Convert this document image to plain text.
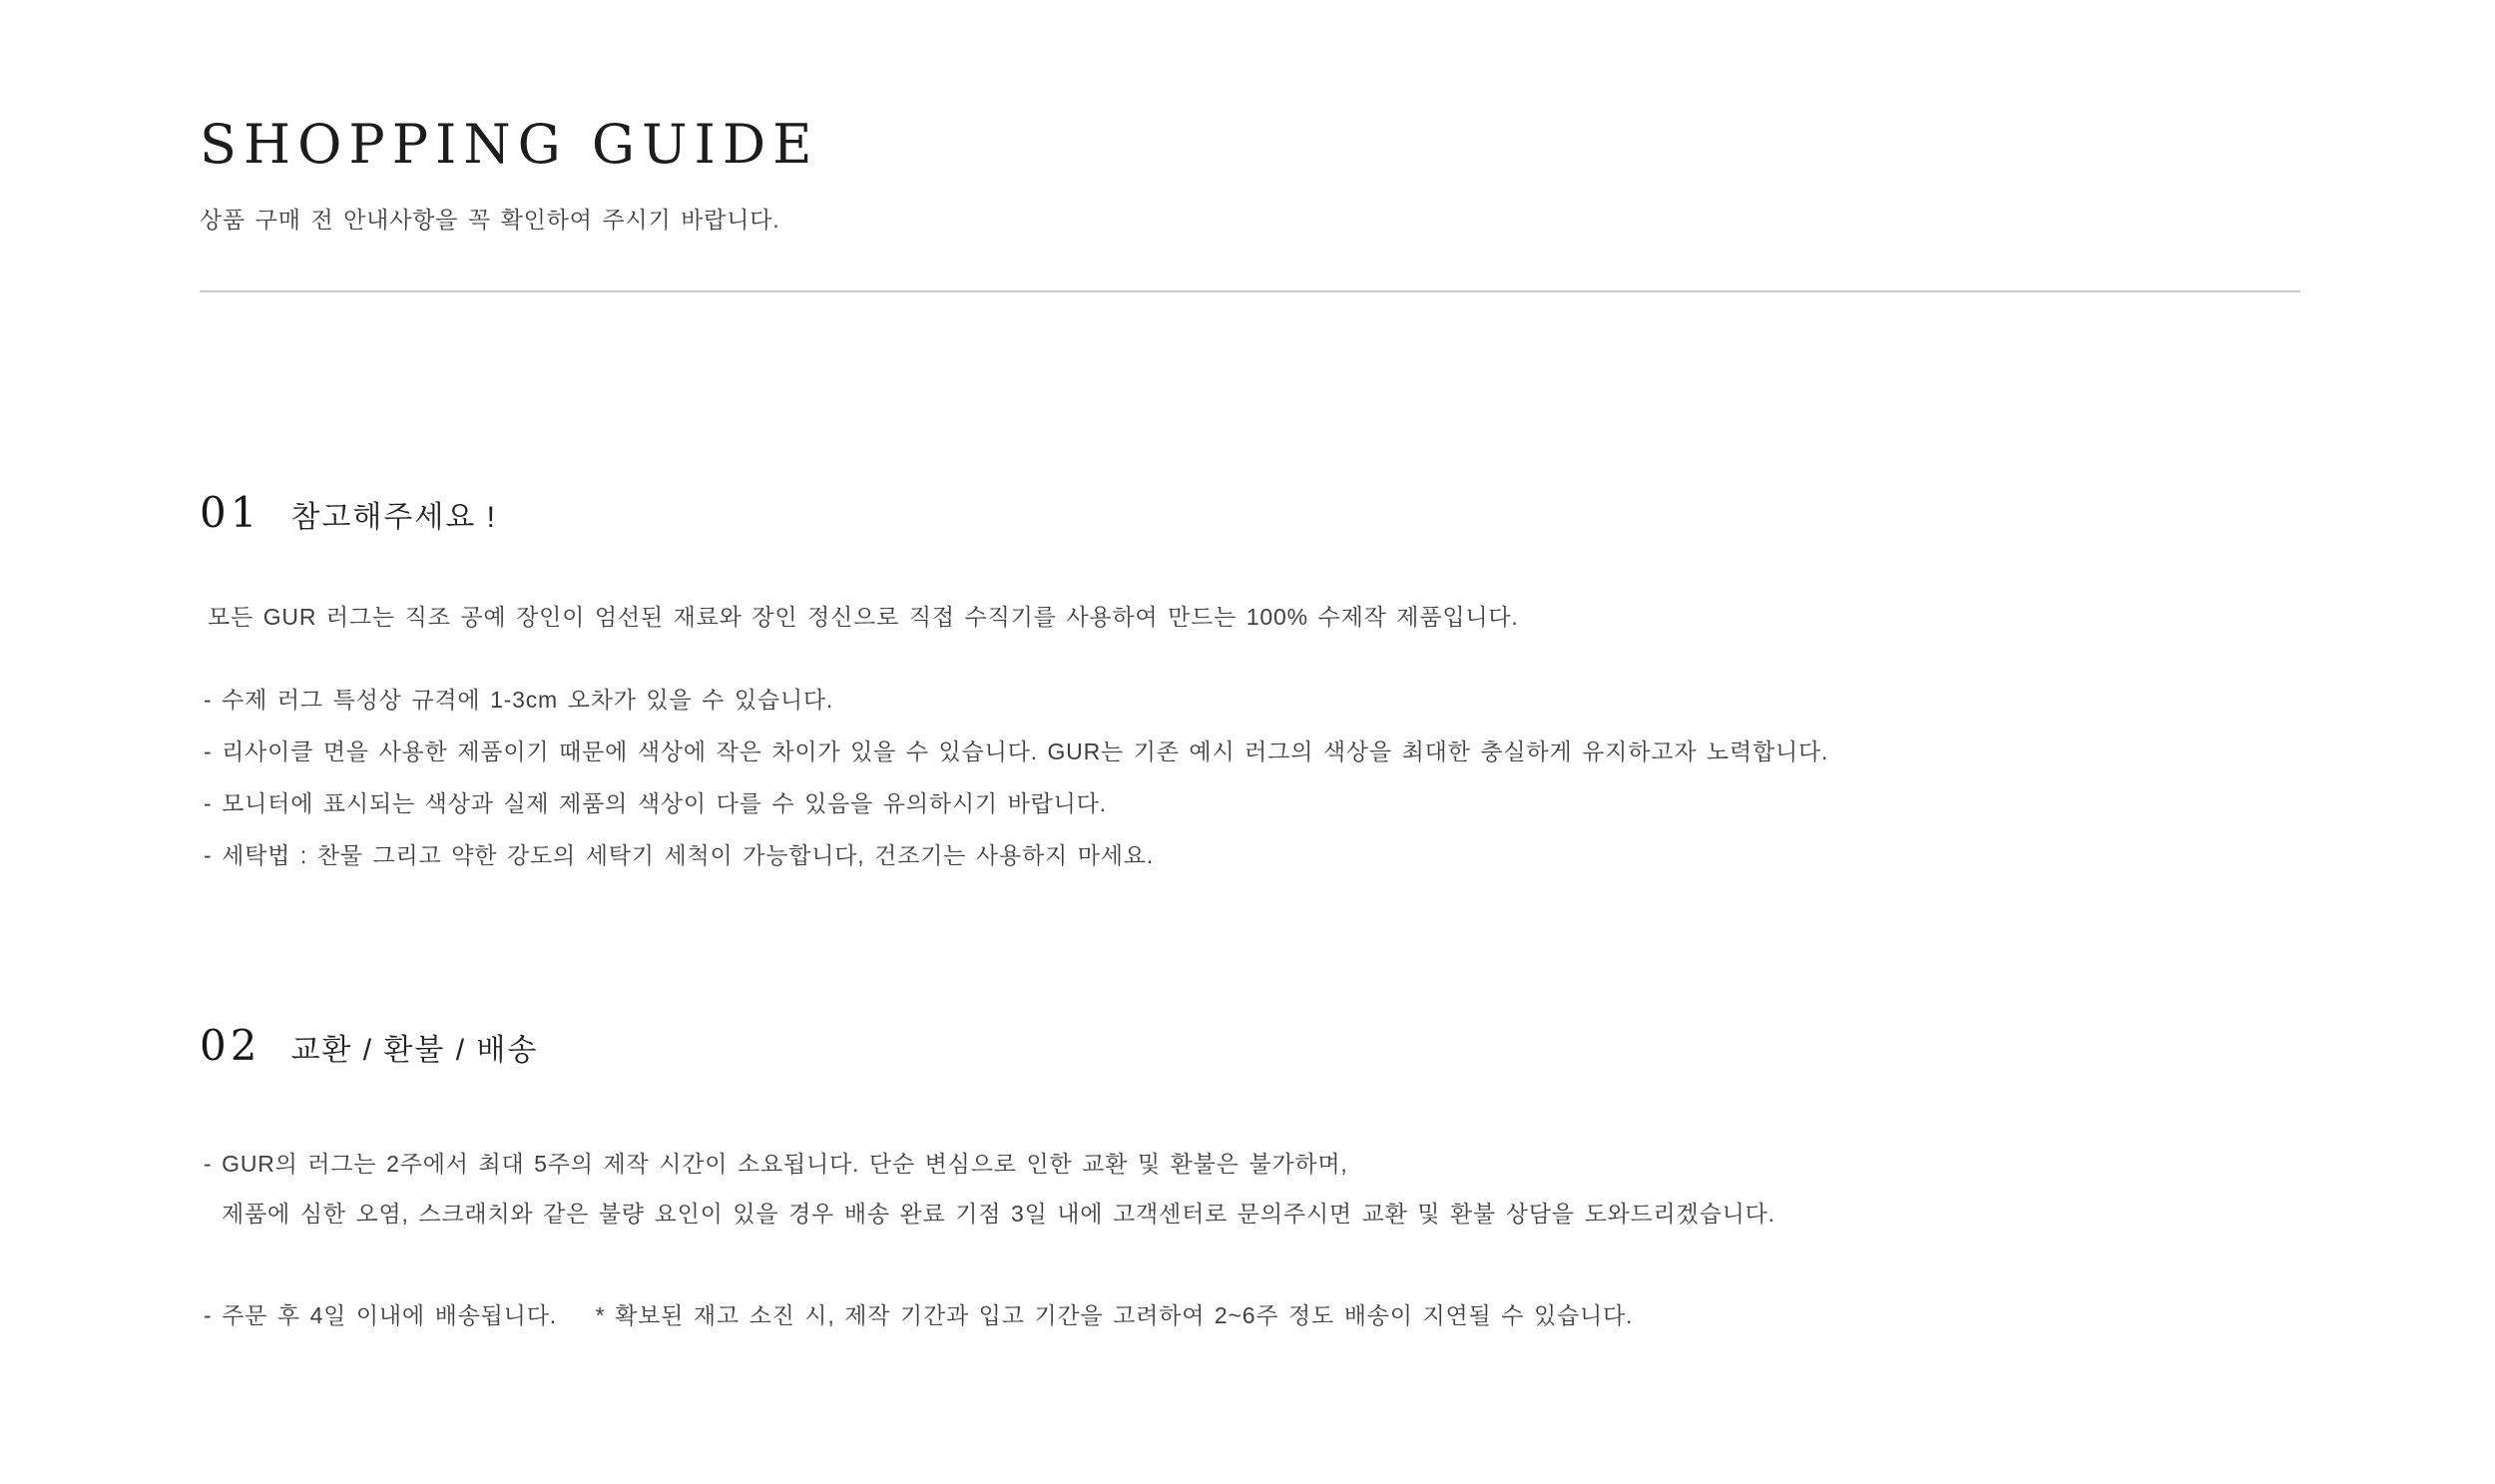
SHOPPING GUIDE
상품 구매 전 안내사항을 꼭 확인하여 주시기 바랍니다.
01 참고해주세요 !
모든 GUR 러그는 직조 공예 장인이 엄선된 재료와 장인 정신으로 직접 수직기를 사용하여 만드는 100% 수제작 제품입니다.
- 수제 러그 특성상 규격에 1-3cm 오차가 있을 수 있습니다.
- 리사이클 면을 사용한 제품이기 때문에 색상에 작은 차이가 있을 수 있습니다. GUR는 기존 예시 러그의 색상을 최대한 충실하게 유지하고자 노력합니다.
- 모니터에 표시되는 색상과 실제 제품의 색상이 다를 수 있음을 유의하시기 바랍니다.
- 세탁법 : 찬물 그리고 약한 강도의 세탁기 세척이 가능합니다, 건조기는 사용하지 마세요.
02 교환 / 환불 / 배송
- GUR의 러그는 2주에서 최대 5주의 제작 시간이 소요됩니다. 단순 변심으로 인한 교환 및 환불은 불가하며,
제품에 심한 오염, 스크래치와 같은 불량 요인이 있을 경우 배송 완료 기점 3일 내에 고객센터로 문의주시면 교환 및 환불 상담을 도와드리겠습니다.
- 주문 후 4일 이내에 배송됩니다.    * 확보된 재고 소진 시, 제작 기간과 입고 기간을 고려하여 2~6주 정도 배송이 지연될 수 있습니다.
